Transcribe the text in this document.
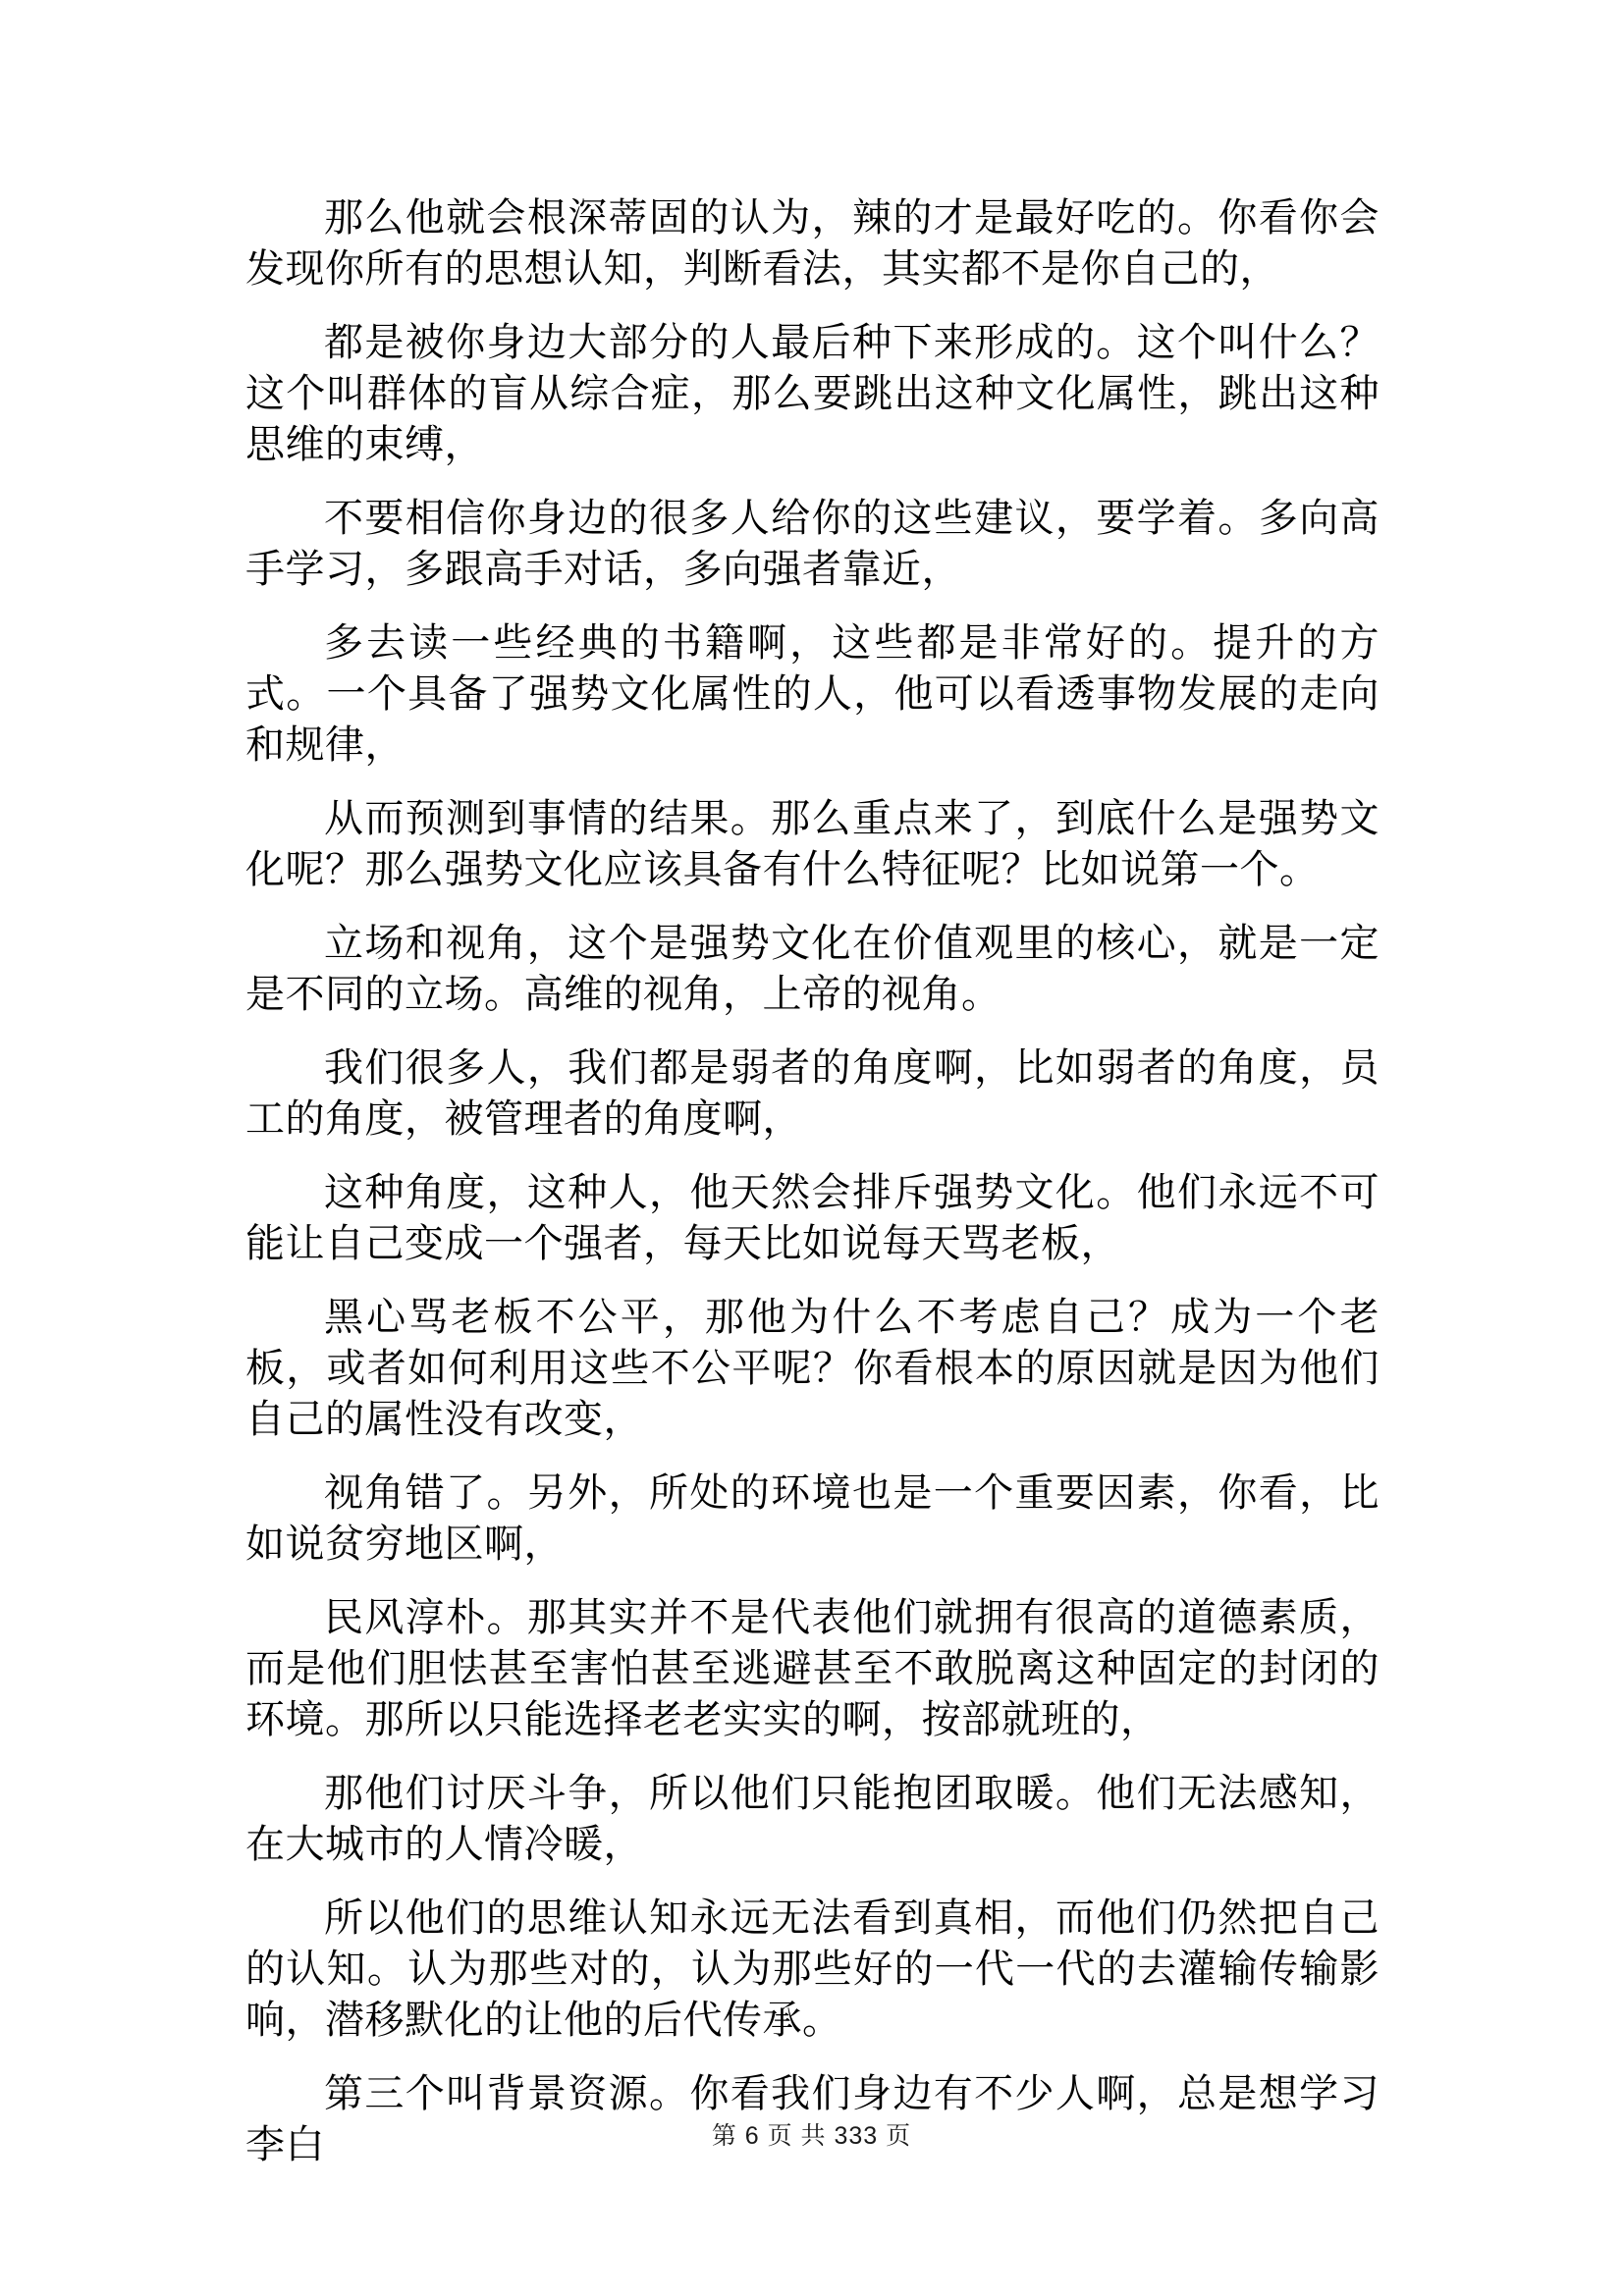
那么他就会根深蒂固的认为，辣的才是最好吃的。你看你会发现你所有的思想认知，判断看法，其实都不是你自己的，

都是被你身边大部分的人最后种下来形成的。这个叫什么？这个叫群体的盲从综合症，那么要跳出这种文化属性，跳出这种思维的束缚，

不要相信你身边的很多人给你的这些建议，要学着。多向高手学习，多跟高手对话，多向强者靠近，

多去读一些经典的书籍啊，这些都是非常好的。提升的方式。一个具备了强势文化属性的人，他可以看透事物发展的走向和规律，

从而预测到事情的结果。那么重点来了，到底什么是强势文化呢？那么强势文化应该具备有什么特征呢？比如说第一个。

立场和视角，这个是强势文化在价值观里的核心，就是一定是不同的立场。高维的视角，上帝的视角。

我们很多人，我们都是弱者的角度啊，比如弱者的角度，员工的角度，被管理者的角度啊，

这种角度，这种人，他天然会排斥强势文化。他们永远不可能让自己变成一个强者，每天比如说每天骂老板，

黑心骂老板不公平，那他为什么不考虑自己？成为一个老板，或者如何利用这些不公平呢？你看根本的原因就是因为他们自己的属性没有改变，

视角错了。另外，所处的环境也是一个重要因素，你看，比如说贫穷地区啊，

民风淳朴。那其实并不是代表他们就拥有很高的道德素质，而是他们胆怯甚至害怕甚至逃避甚至不敢脱离这种固定的封闭的环境。那所以只能选择老老实实的啊，按部就班的，

那他们讨厌斗争，所以他们只能抱团取暖。他们无法感知，在大城市的人情冷暖，

所以他们的思维认知永远无法看到真相，而他们仍然把自己的认知。认为那些对的，认为那些好的一代一代的去灌输传输影响，潜移默化的让他的后代传承。

第三个叫背景资源。你看我们身边有不少人啊，总是想学习李白	第 6 页 共 333 页
